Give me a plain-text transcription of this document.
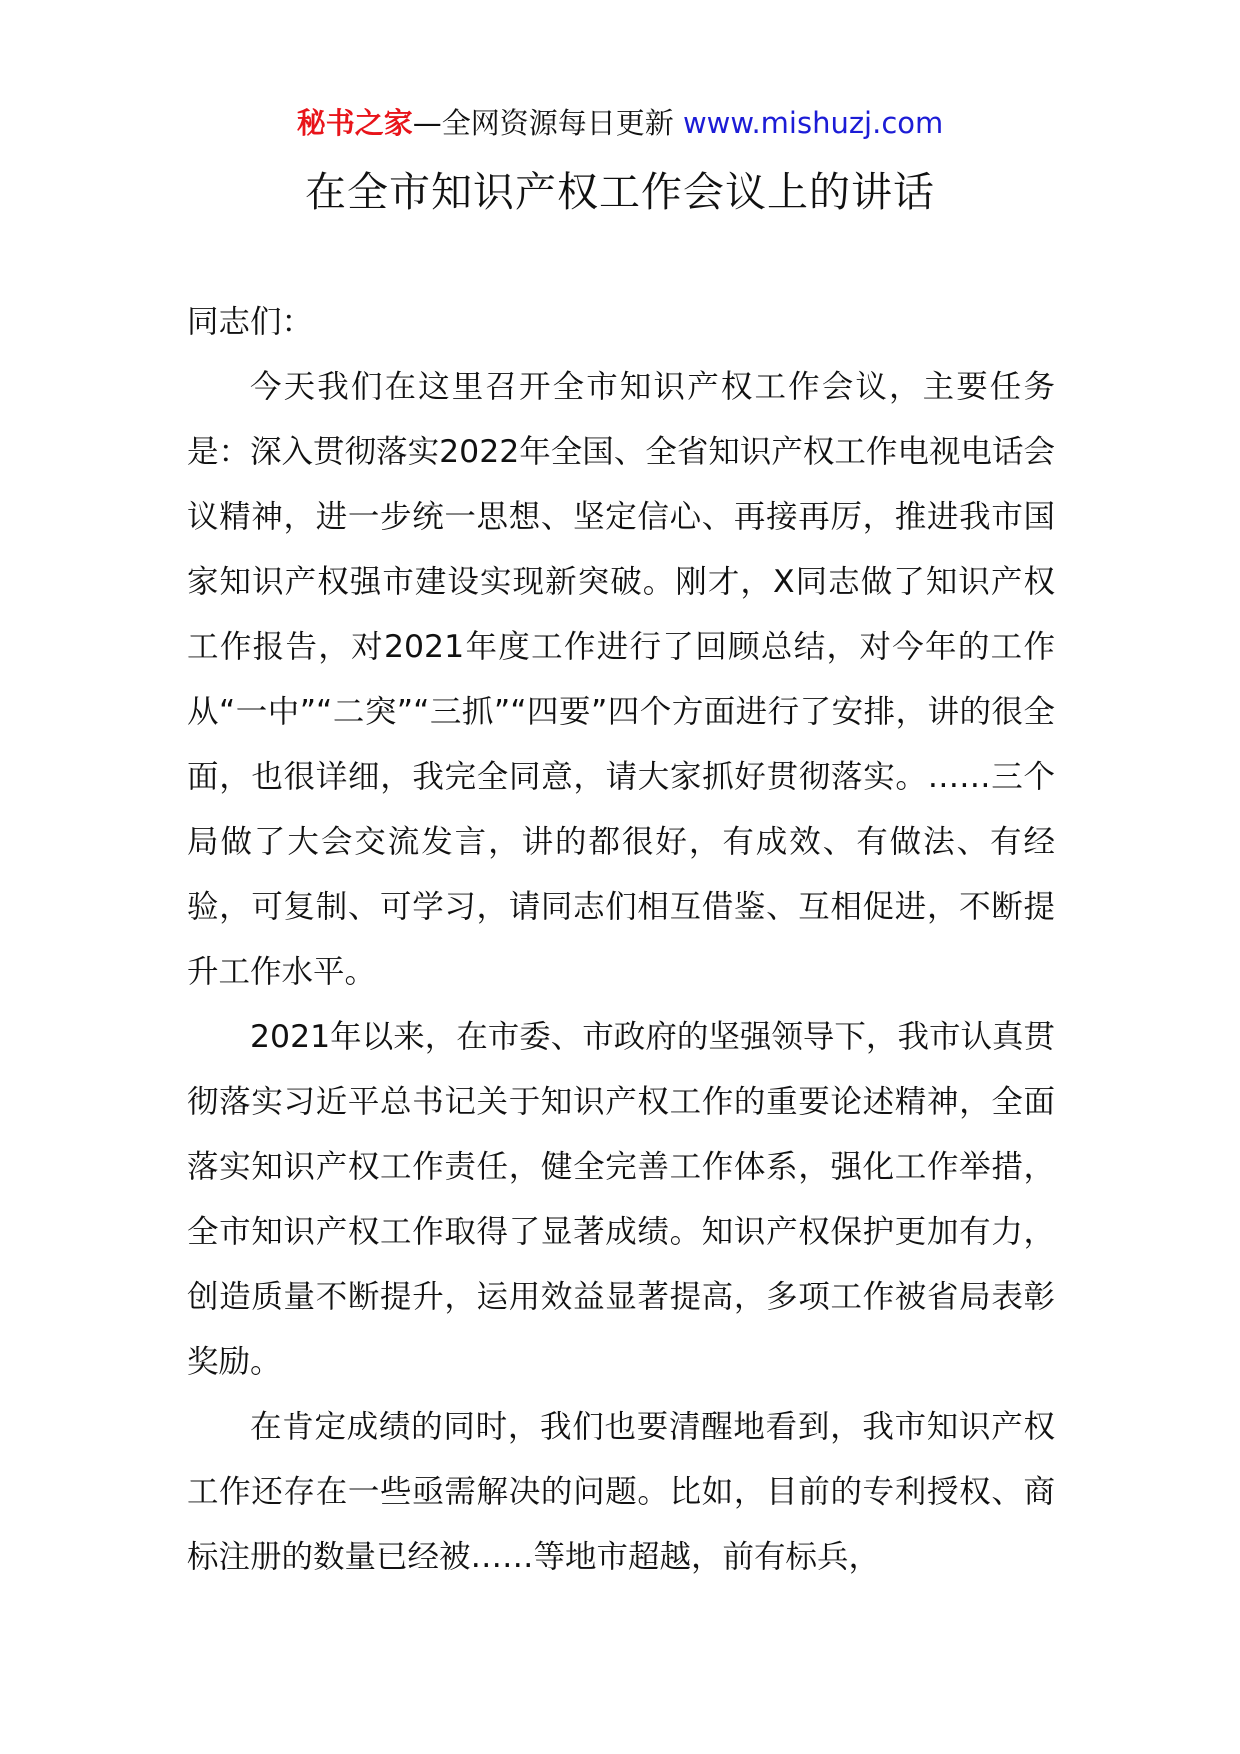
秘书之家—全网资源每日更新 www.mishuzj.com
在全市知识产权工作会议上的讲话

同志们：

今天我们在这里召开全市知识产权工作会议，主要任务是：深入贯彻落实2022年全国、全省知识产权工作电视电话会议精神，进一步统一思想、坚定信心、再接再厉，推进我市国家知识产权强市建设实现新突破。刚才，X同志做了知识产权工作报告，对2021年度工作进行了回顾总结，对今年的工作从“一中”“二突”“三抓”“四要”四个方面进行了安排，讲的很全面，也很详细，我完全同意，请大家抓好贯彻落实。……三个局做了大会交流发言，讲的都很好，有成效、有做法、有经验，可复制、可学习，请同志们相互借鉴、互相促进，不断提升工作水平。

2021年以来，在市委、市政府的坚强领导下，我市认真贯彻落实习近平总书记关于知识产权工作的重要论述精神，全面落实知识产权工作责任，健全完善工作体系，强化工作举措，全市知识产权工作取得了显著成绩。知识产权保护更加有力，创造质量不断提升，运用效益显著提高，多项工作被省局表彰奖励。

在肯定成绩的同时，我们也要清醒地看到，我市知识产权工作还存在一些亟需解决的问题。比如，目前的专利授权、商标注册的数量已经被……等地市超越，前有标兵，
